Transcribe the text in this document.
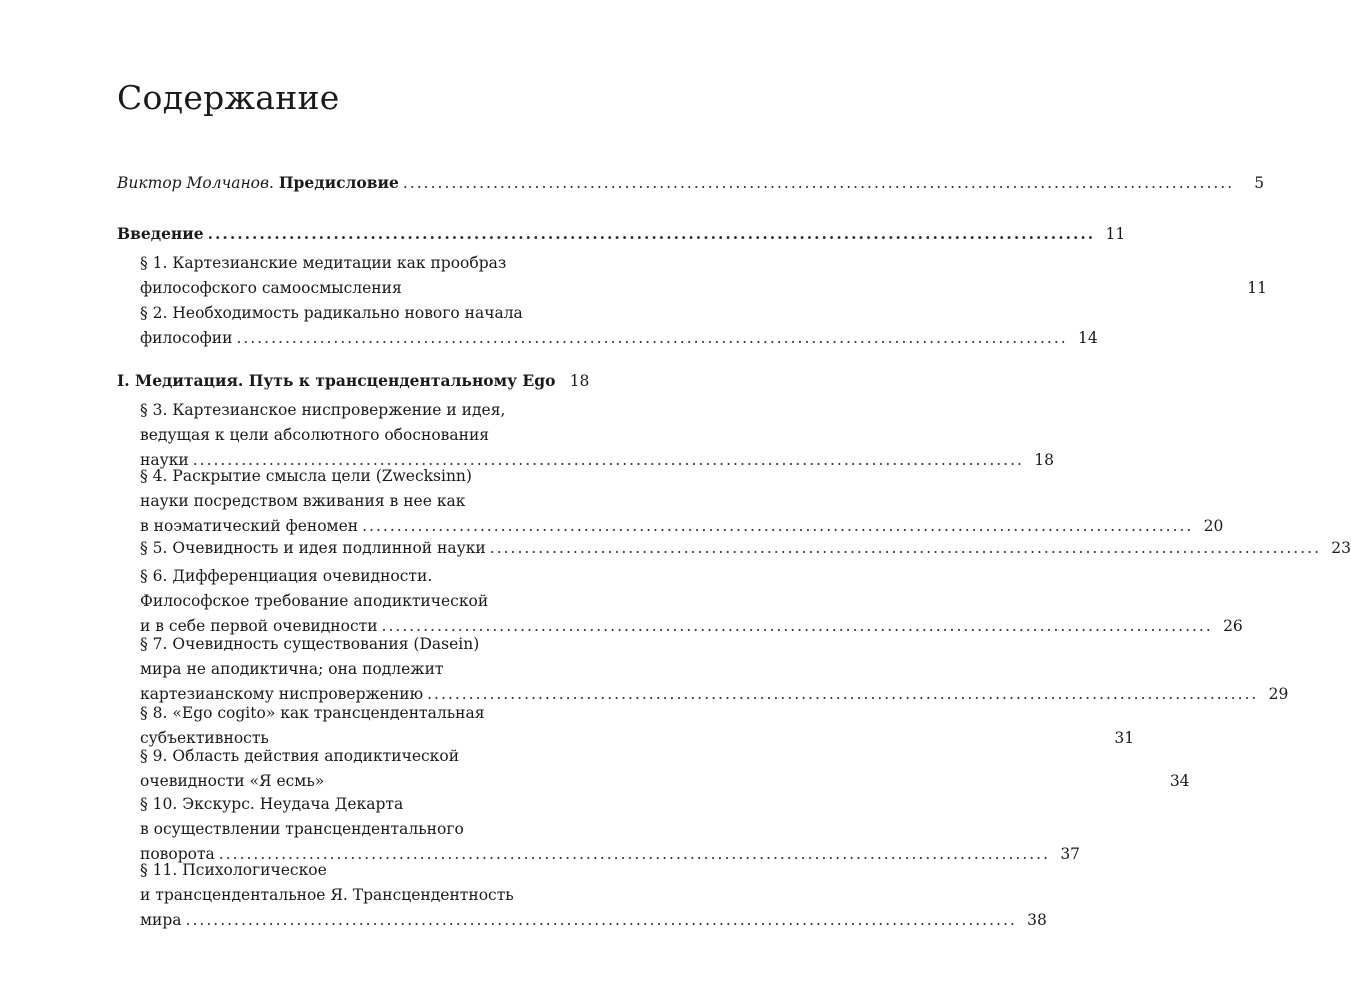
Содержание
Виктор Молчанов. Предисловие ........................................................................................................................	5
Введение ........................................................................................................................ 11
§ 1. Картезианские медитации как прообраз
философского самоосмысления	11
§ 2. Необходимость радикально нового начала
философии ........................................................................................................................ 14
I. Медитация. Путь к трансцендентальному Ego 18
§ 3. Картезианское ниспровержение и идея,
ведущая к цели абсолютного обоснования
науки ........................................................................................................................ 18
§ 4. Раскрытие смысла цели (Zwecksinn)
науки посредством вживания в нее как
в ноэматический феномен ........................................................................................................................ 20
§ 5. Очевидность и идея подлинной науки ........................................................................................................................ 23
§ 6. Дифференциация очевидности.
Философское требование аподиктической
и в себе первой очевидности ........................................................................................................................ 26
§ 7. Очевидность существования (Dasein)
мира не аподиктична; она подлежит
картезианскому ниспровержению ........................................................................................................................ 29
§ 8. «Ego cogito» как трансцендентальная
субъективность	31
§ 9. Область действия аподиктической
очевидности «Я есмь»	34
§ 10. Экскурс. Неудача Декарта
в осуществлении трансцендентального
поворота ........................................................................................................................ 37
§ 11. Психологическое
и трансцендентальное Я. Трансцендентность
мира ........................................................................................................................ 38
